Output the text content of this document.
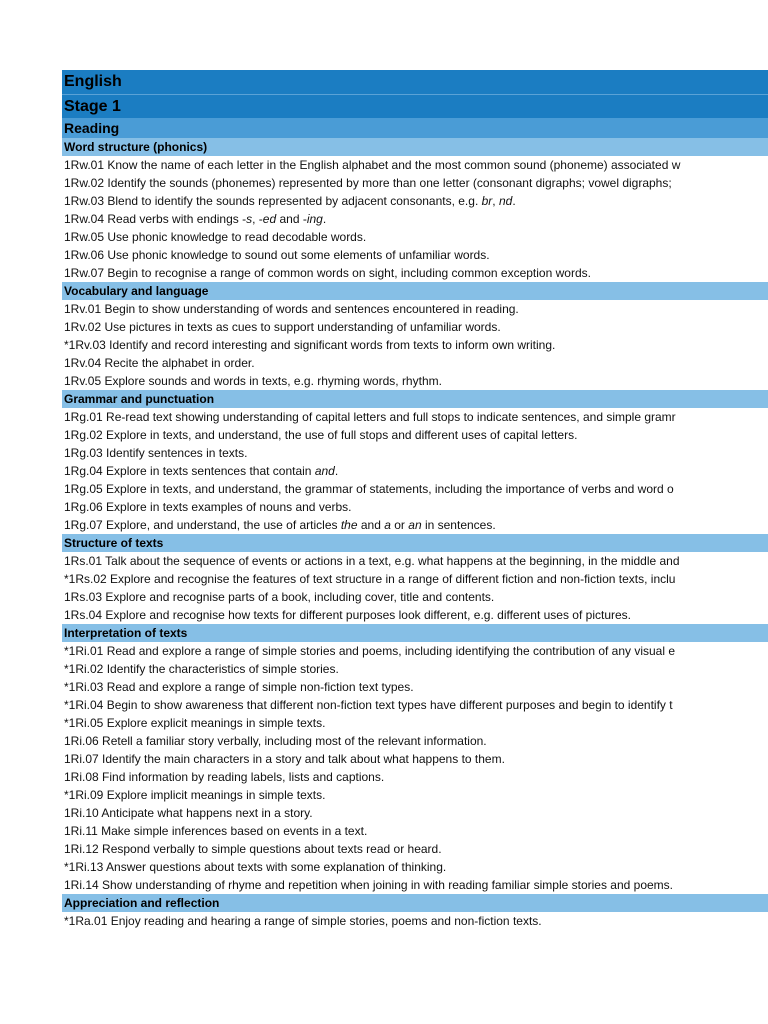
English
Stage 1
Reading
Word structure (phonics)
1Rw.01 Know the name of each letter in the English alphabet and the most common sound (phoneme) associated w
1Rw.02 Identify the sounds (phonemes) represented by more than one letter (consonant digraphs; vowel digraphs;
1Rw.03 Blend to identify the sounds represented by adjacent consonants, e.g. br, nd.
1Rw.04 Read verbs with endings -s, -ed and -ing.
1Rw.05 Use phonic knowledge to read decodable words.
1Rw.06 Use phonic knowledge to sound out some elements of unfamiliar words.
1Rw.07 Begin to recognise a range of common words on sight, including common exception words.
Vocabulary and language
1Rv.01 Begin to show understanding of words and sentences encountered in reading.
1Rv.02 Use pictures in texts as cues to support understanding of unfamiliar words.
*1Rv.03 Identify and record interesting and significant words from texts to inform own writing.
1Rv.04 Recite the alphabet in order.
1Rv.05 Explore sounds and words in texts, e.g. rhyming words, rhythm.
Grammar and punctuation
1Rg.01 Re-read text showing understanding of capital letters and full stops to indicate sentences, and simple gramr
1Rg.02 Explore in texts, and understand, the use of full stops and different uses of capital letters.
1Rg.03 Identify sentences in texts.
1Rg.04 Explore in texts sentences that contain and.
1Rg.05 Explore in texts, and understand, the grammar of statements, including the importance of verbs and word o
1Rg.06 Explore in texts examples of nouns and verbs.
1Rg.07 Explore, and understand, the use of articles the and a or an in sentences.
Structure of texts
1Rs.01 Talk about the sequence of events or actions in a text, e.g. what happens at the beginning, in the middle and
*1Rs.02 Explore and recognise the features of text structure in a range of different fiction and non-fiction texts, inclu
1Rs.03 Explore and recognise parts of a book, including cover, title and contents.
1Rs.04 Explore and recognise how texts for different purposes look different, e.g. different uses of pictures.
Interpretation of texts
*1Ri.01 Read and explore a range of simple stories and poems, including identifying the contribution of any visual e
*1Ri.02 Identify the characteristics of simple stories.
*1Ri.03 Read and explore a range of simple non-fiction text types.
*1Ri.04 Begin to show awareness that different non-fiction text types have different purposes and begin to identify t
*1Ri.05 Explore explicit meanings in simple texts.
1Ri.06 Retell a familiar story verbally, including most of the relevant information.
1Ri.07 Identify the main characters in a story and talk about what happens to them.
1Ri.08 Find information by reading labels, lists and captions.
*1Ri.09 Explore implicit meanings in simple texts.
1Ri.10 Anticipate what happens next in a story.
1Ri.11 Make simple inferences based on events in a text.
1Ri.12 Respond verbally to simple questions about texts read or heard.
*1Ri.13 Answer questions about texts with some explanation of thinking.
1Ri.14 Show understanding of rhyme and repetition when joining in with reading familiar simple stories and poems.
Appreciation and reflection
*1Ra.01 Enjoy reading and hearing a range of simple stories, poems and non-fiction texts.
